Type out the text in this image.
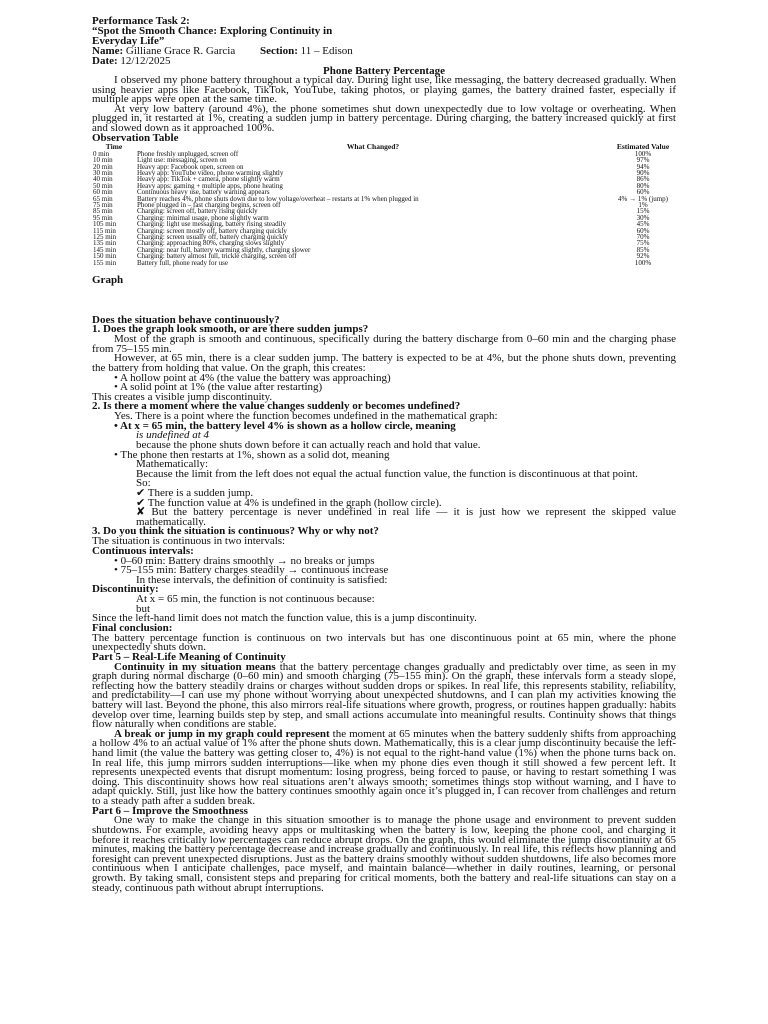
Performance Task 2:

“Spot the Smooth Chance: Exploring Continuity in

Everyday Life”

Name: Gilliane Grace R. Garcia Section: 11 – Edison

Date: 12/12/2025

Phone Battery Percentage

I observed my phone battery throughout a typical day. During light use, like messaging, the battery decreased gradually. When using heavier apps like Facebook, TikTok, YouTube, taking photos, or playing games, the battery drained faster, especially if multiple apps were open at the same time.

At very low battery (around 4%), the phone sometimes shut down unexpectedly due to low voltage or overheating. When plugged in, it restarted at 1%, creating a sudden jump in battery percentage. During charging, the battery increased quickly at first and slowed down as it approached 100%.

Observation Table

Time	What Changed?	Estimated Value
0 min	Phone freshly unplugged, screen off	100%
10 min	Light use: messaging, screen on	97%
20 min	Heavy app: Facebook open, screen on	94%
30 min	Heavy app: YouTube video, phone warming slightly	90%
40 min	Heavy app: TikTok + camera, phone slightly warm	86%
50 min	Heavy apps: gaming + multiple apps, phone heating	80%
60 min	Continuous heavy use, battery warning appears	60%
65 min	Battery reaches 4%, phone shuts down due to low voltage/overheat – restarts at 1% when plugged in	4% → 1% (jump)
75 min	Phone plugged in – fast charging begins, screen off	1%
85 min	Charging: screen off, battery rising quickly	15%
95 min	Charging: minimal usage, phone slightly warm	30%
105 min	Charging: light use messaging, battery rising steadily	45%
115 min	Charging: screen mostly off, battery charging quickly	60%
125 min	Charging: screen usually off, battery charging quickly	70%
135 min	Charging: approaching 80%, charging slows slightly	75%
145 min	Charging: near full, battery warming slightly, charging slower	85%
150 min	Charging: battery almost full, trickle charging, screen off	92%
155 min	Battery full, phone ready for use	100%

Graph

Does the situation behave continuously?

1. Does the graph look smooth, or are there sudden jumps?

Most of the graph is smooth and continuous, specifically during the battery discharge from 0–60 min and the charging phase from 75–155 min.

However, at 65 min, there is a clear sudden jump. The battery is expected to be at 4%, but the phone shuts down, preventing the battery from holding that value. On the graph, this creates:

• A hollow point at 4% (the value the battery was approaching)

• A solid point at 1% (the value after restarting)

This creates a visible jump discontinuity.

2. Is there a moment where the value changes suddenly or becomes undefined?

Yes. There is a point where the function becomes undefined in the mathematical graph:

• At x = 65 min, the battery level 4% is shown as a hollow circle, meaning

is undefined at 4

because the phone shuts down before it can actually reach and hold that value.

• The phone then restarts at 1%, shown as a solid dot, meaning

Mathematically:

Because the limit from the left does not equal the actual function value, the function is discontinuous at that point.

So:

✔ There is a sudden jump.

✔ The function value at 4% is undefined in the graph (hollow circle).

✘ But the battery percentage is never undefined in real life — it is just how we represent the skipped value mathematically.

3. Do you think the situation is continuous? Why or why not?

The situation is continuous in two intervals:

Continuous intervals:

• 0–60 min: Battery drains smoothly → no breaks or jumps

• 75–155 min: Battery charges steadily → continuous increase

In these intervals, the definition of continuity is satisfied:

Discontinuity:

At x = 65 min, the function is not continuous because:

but

Since the left-hand limit does not match the function value, this is a jump discontinuity.

Final conclusion:

The battery percentage function is continuous on two intervals but has one discontinuous point at 65 min, where the phone unexpectedly shuts down.

Part 5 – Real-Life Meaning of Continuity

Continuity in my situation means that the battery percentage changes gradually and predictably over time, as seen in my graph during normal discharge (0–60 min) and smooth charging (75–155 min). On the graph, these intervals form a steady slope, reflecting how the battery steadily drains or charges without sudden drops or spikes. In real life, this represents stability, reliability, and predictability—I can use my phone without worrying about unexpected shutdowns, and I can plan my activities knowing the battery will last. Beyond the phone, this also mirrors real-life situations where growth, progress, or routines happen gradually: habits develop over time, learning builds step by step, and small actions accumulate into meaningful results. Continuity shows that things flow naturally when conditions are stable.

A break or jump in my graph could represent the moment at 65 minutes when the battery suddenly shifts from approaching a hollow 4% to an actual value of 1% after the phone shuts down. Mathematically, this is a clear jump discontinuity because the left-hand limit (the value the battery was getting closer to, 4%) is not equal to the right-hand value (1%) when the phone turns back on. In real life, this jump mirrors sudden interruptions—like when my phone dies even though it still showed a few percent left. It represents unexpected events that disrupt momentum: losing progress, being forced to pause, or having to restart something I was doing. This discontinuity shows how real situations aren’t always smooth; sometimes things stop without warning, and I have to adapt quickly. Still, just like how the battery continues smoothly again once it’s plugged in, I can recover from challenges and return to a steady path after a sudden break.

Part 6 – Improve the Smoothness

One way to make the change in this situation smoother is to manage the phone usage and environment to prevent sudden shutdowns. For example, avoiding heavy apps or multitasking when the battery is low, keeping the phone cool, and charging it before it reaches critically low percentages can reduce abrupt drops. On the graph, this would eliminate the jump discontinuity at 65 minutes, making the battery percentage decrease and increase gradually and continuously. In real life, this reflects how planning and foresight can prevent unexpected disruptions. Just as the battery drains smoothly without sudden shutdowns, life also becomes more continuous when I anticipate challenges, pace myself, and maintain balance—whether in daily routines, learning, or personal growth. By taking small, consistent steps and preparing for critical moments, both the battery and real-life situations can stay on a steady, continuous path without abrupt interruptions.
